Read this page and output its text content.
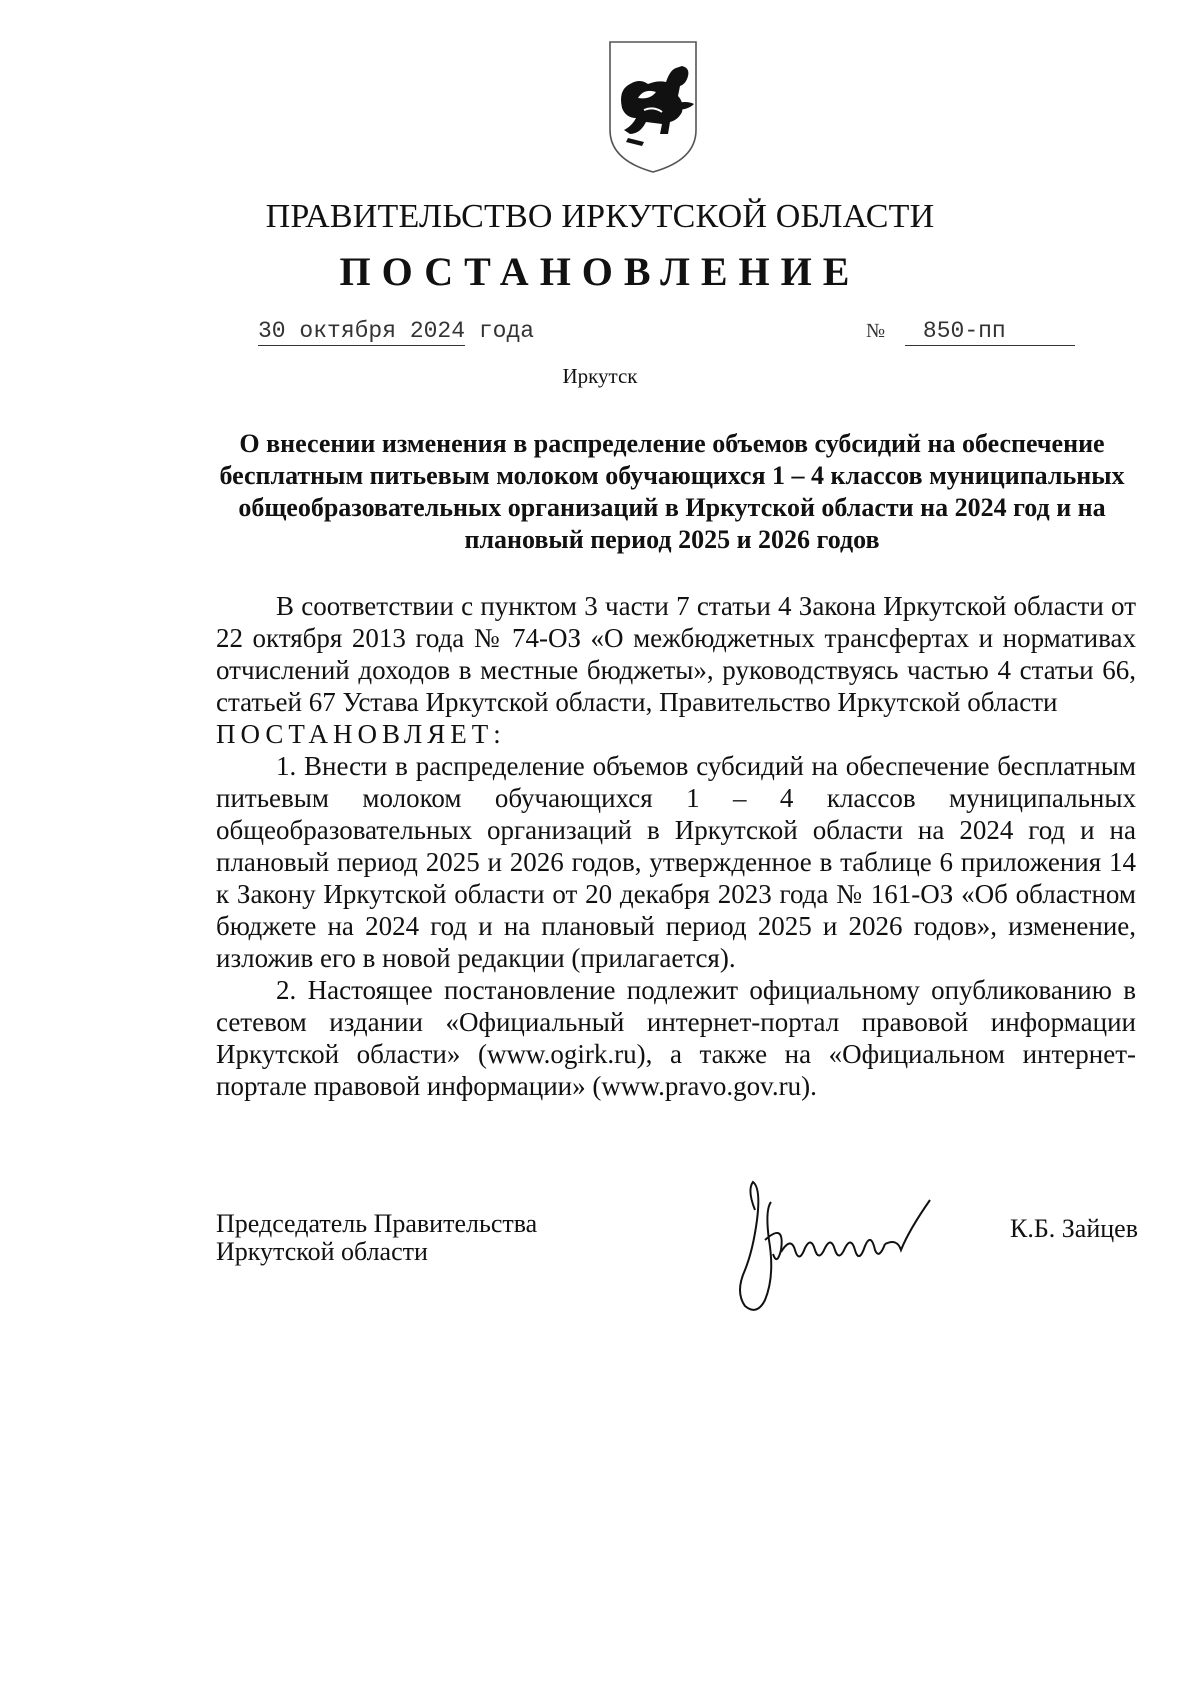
ПРАВИТЕЛЬСТВО ИРКУТСКОЙ ОБЛАСТИ
ПОСТАНОВЛЕНИЕ
30 октября 2024 года	№ 850-пп
Иркутск
О внесении изменения в распределение объемов субсидий на обеспечение бесплатным питьевым молоком обучающихся 1 – 4 классов муниципальных общеобразовательных организаций в Иркутской области на 2024 год и на плановый период 2025 и 2026 годов

В соответствии с пунктом 3 части 7 статьи 4 Закона Иркутской области от 22 октября 2013 года № 74-ОЗ «О межбюджетных трансфертах и нормативах отчислений доходов в местные бюджеты», руководствуясь частью 4 статьи 66, статьей 67 Устава Иркутской области, Правительство Иркутской области

ПОСТАНОВЛЯЕТ:

1. Внести в распределение объемов субсидий на обеспечение бесплатным питьевым молоком обучающихся 1 – 4 классов муниципальных общеобразовательных организаций в Иркутской области на 2024 год и на плановый период 2025 и 2026 годов, утвержденное в таблице 6 приложения 14 к Закону Иркутской области от 20 декабря 2023 года № 161-ОЗ «Об областном бюджете на 2024 год и на плановый период 2025 и 2026 годов», изменение, изложив его в новой редакции (прилагается).

2. Настоящее постановление подлежит официальному опубликованию в сетевом издании «Официальный интернет-портал правовой информации Иркутской области» (www.ogirk.ru), а также на «Официальном интернет-портале правовой информации» (www.pravo.gov.ru).

Председатель Правительства
Иркутской области
К.Б. Зайцев
